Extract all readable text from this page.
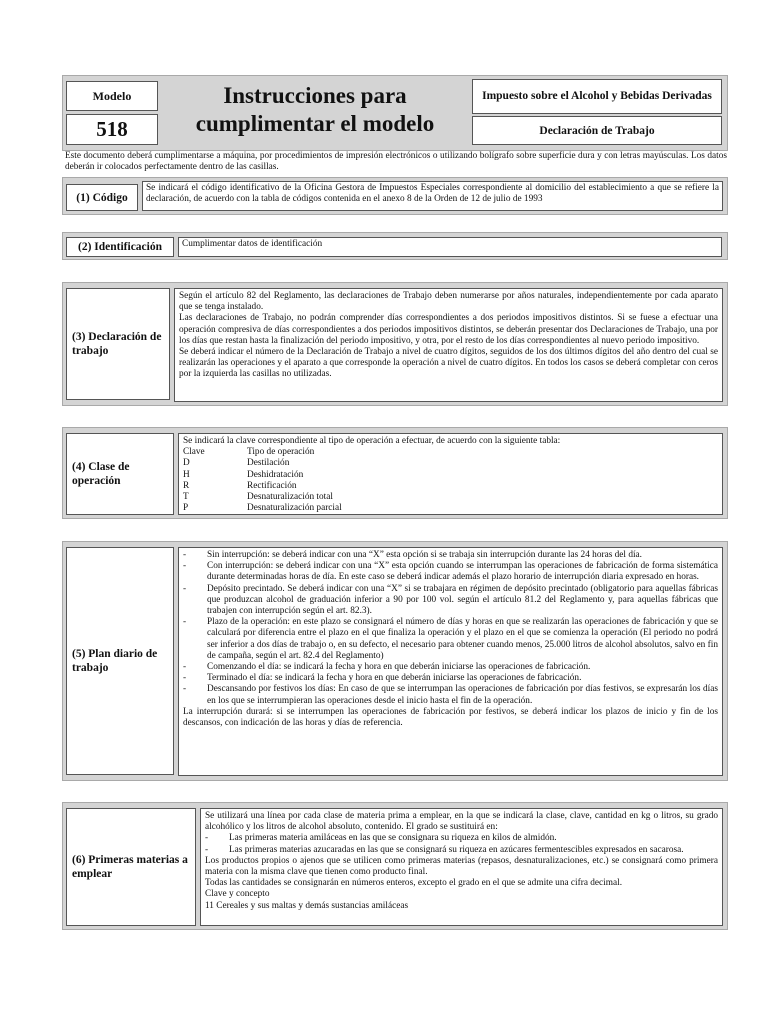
Modelo
518
Instrucciones para
cumplimentar el modelo
Impuesto sobre el Alcohol y Bebidas Derivadas
Declaración de Trabajo
Este documento deberá cumplimentarse a máquina, por procedimientos de impresión electrónicos o utilizando bolígrafo sobre superficie dura y con letras mayúsculas. Los datos deberán ir colocados perfectamente dentro de las casillas.
(1) Código
Se indicará el código identificativo de la Oficina Gestora de Impuestos Especiales correspondiente al domicilio del establecimiento a que se refiere la declaración, de acuerdo con la tabla de códigos contenida en el anexo 8 de la Orden de 12 de julio de 1993
(2) Identificación	Cumplimentar datos de identificación
(3) Declaración de trabajo

Según el artículo 82 del Reglamento, las declaraciones de Trabajo deben numerarse por años naturales, independientemente por cada aparato que se tenga instalado.

Las declaraciones de Trabajo, no podrán comprender días correspondientes a dos periodos impositivos distintos. Si se fuese a efectuar una operación compresiva de días correspondientes a dos periodos impositivos distintos, se deberán presentar dos Declaraciones de Trabajo, una por los días que restan hasta la finalización del periodo impositivo, y otra, por el resto de los días correspondientes al nuevo periodo impositivo.

Se deberá indicar el número de la Declaración de Trabajo a nivel de cuatro dígitos, seguidos de los dos últimos dígitos del año dentro del cual se realizarán las operaciones y el aparato a que corresponde la operación a nivel de cuatro dígitos. En todos los casos se deberá completar con ceros por la izquierda las casillas no utilizadas.

(4) Clase de operación
Se indicará la clave correspondiente al tipo de operación a efectuar, de acuerdo con la siguiente tabla:
Clave	Tipo de operación
D	Destilación
H	Deshidratación
R	Rectificación
T	Desnaturalización total
P	Desnaturalización parcial
(5) Plan diario de trabajo
-	Sin interrupción: se deberá indicar con una “X” esta opción si se trabaja sin interrupción durante las 24 horas del día.
-	Con interrupción: se deberá indicar con una “X” esta opción cuando se interrumpan las operaciones de fabricación de forma sistemática durante determinadas horas de día. En este caso se deberá indicar además el plazo horario de interrupción diaria expresado en horas.
-	Depósito precintado. Se deberá indicar con una “X” si se trabajara en régimen de depósito precintado (obligatorio para aquellas fábricas que produzcan alcohol de graduación inferior a 90 por 100 vol. según el artículo 81.2 del Reglamento y, para aquellas fábricas que trabajen con interrupción según el art. 82.3).
-	Plazo de la operación: en este plazo se consignará el número de días y horas en que se realizarán las operaciones de fabricación y que se calculará por diferencia entre el plazo en el que finaliza la operación y el plazo en el que se comienza la operación (El periodo no podrá ser inferior a dos días de trabajo o, en su defecto, el necesario para obtener cuando menos, 25.000 litros de alcohol absolutos, salvo en fin de campaña, según el art. 82.4 del Reglamento)
-	Comenzando el día: se indicará la fecha y hora en que deberán iniciarse las operaciones de fabricación.
-	Terminado el día: se indicará la fecha y hora en que deberán iniciarse las operaciones de fabricación.
-	Descansando por festivos los días: En caso de que se interrumpan las operaciones de fabricación por días festivos, se expresarán los días en los que se interrumpieran las operaciones desde el inicio hasta el fin de la operación.

La interrupción durará: si se interrumpen las operaciones de fabricación por festivos, se deberá indicar los plazos de inicio y fin de los descansos, con indicación de las horas y días de referencia.

(6) Primeras materias a emplear

Se utilizará una línea por cada clase de materia prima a emplear, en la que se indicará la clase, clave, cantidad en kg o litros, su grado alcohólico y los litros de alcohol absoluto, contenido. El grado se sustituirá en:

-	Las primeras materia amiláceas en las que se consignara su riqueza en kilos de almidón.
-	Las primeras materias azucaradas en las que se consignará su riqueza en azúcares fermentescibles expresados en sacarosa.

Los productos propios o ajenos que se utilicen como primeras materias (repasos, desnaturalizaciones, etc.) se consignará como primera materia con la misma clave que tienen como producto final.

Todas las cantidades se consignarán en números enteros, excepto el grado en el que se admite una cifra decimal.

Clave y concepto

11 Cereales y sus maltas y demás sustancias amiláceas
